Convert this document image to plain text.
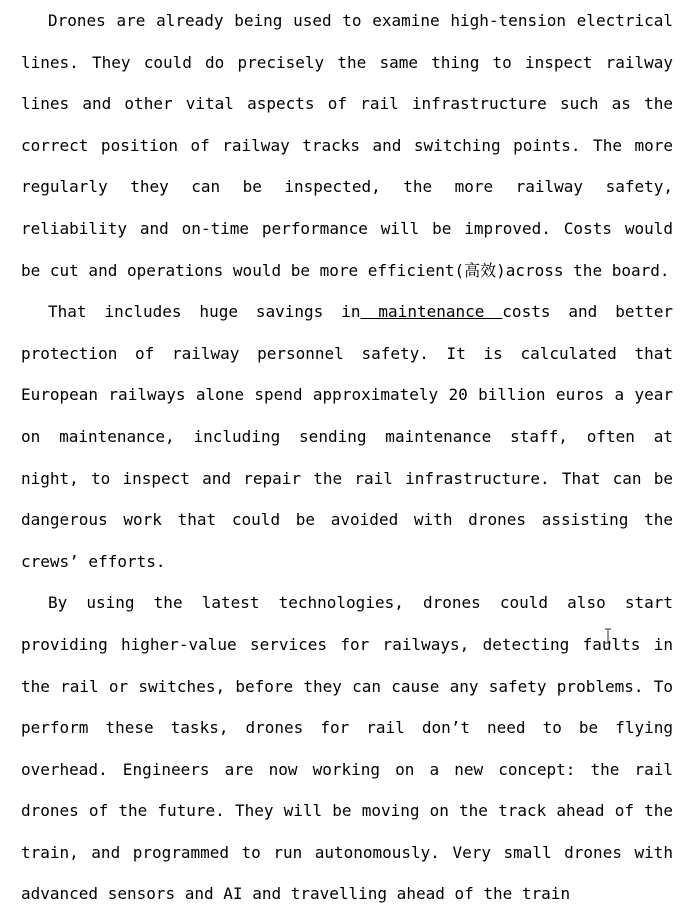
Drones are already being used to examine high-tension electrical lines. They could do precisely the same thing to inspect railway lines and other vital aspects of rail infrastructure such as the correct position of railway tracks and switching points. The more regularly they can be inspected, the more railway safety, reliability and on-time performance will be improved. Costs would be cut and operations would be more efficient(高效)across the board.

That includes huge savings in maintenance costs and better protection of railway personnel safety. It is calculated that European railways alone spend approximately 20 billion euros a year on maintenance, including sending maintenance staff, often at night, to inspect and repair the rail infrastructure. That can be dangerous work that could be avoided with drones assisting the crews’ efforts.

By using the latest technologies, drones could also start providing higher-value services for railways, detecting faults in the rail or switches, before they can cause any safety problems. To perform these tasks, drones for rail don’t need to be flying overhead. Engineers are now working on a new concept: the rail drones of the future. They will be moving on the track ahead of the train, and programmed to run autonomously. Very small drones with advanced sensors and AI and travelling ahead of the train
